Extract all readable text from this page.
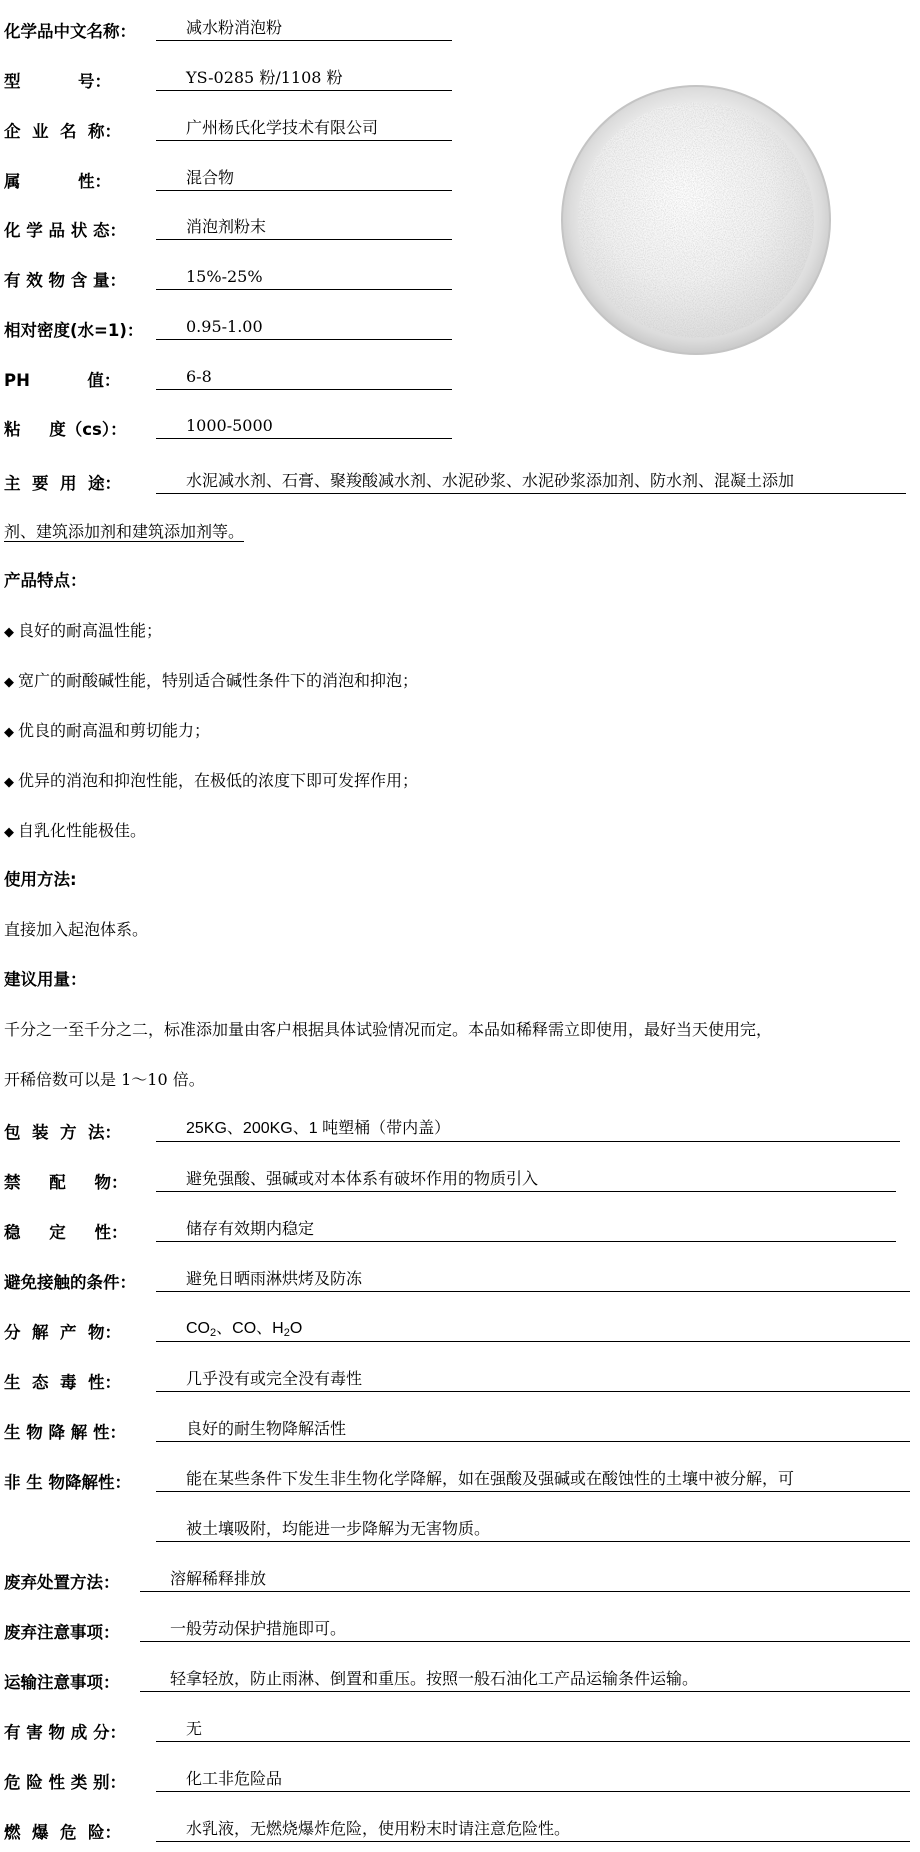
化学品中文名称：	减水粉消泡粉
型          号：	YS-0285 粉/1108 粉
企  业  名  称：	广州杨氏化学技术有限公司
属          性：	混合物
化 学 品 状 态：	消泡剂粉末
有 效 物 含 量：	15%-25%
相对密度(水=1)：	0.95-1.00
PH          值：	6-8
粘     度（cs）：	1000-5000
主  要  用  途：	水泥减水剂、石膏、聚羧酸减水剂、水泥砂浆、水泥砂浆添加剂、防水剂、混凝土添加
剂、建筑添加剂和建筑添加剂等。
产品特点：
◆ 良好的耐高温性能；
◆ 宽广的耐酸碱性能，特别适合碱性条件下的消泡和抑泡；
◆ 优良的耐高温和剪切能力；
◆ 优异的消泡和抑泡性能，在极低的浓度下即可发挥作用；
◆ 自乳化性能极佳。
使用方法:
直接加入起泡体系。
建议用量：
千分之一至千分之二，标准添加量由客户根据具体试验情况而定。本品如稀释需立即使用，最好当天使用完，
开稀倍数可以是 1～10 倍。
包  装  方  法：	25KG、200KG、1 吨塑桶（带内盖）
禁     配     物：	避免强酸、强碱或对本体系有破坏作用的物质引入
稳     定     性：	储存有效期内稳定
避免接触的条件：	避免日晒雨淋烘烤及防冻
分  解  产  物：	$CO_2$、CO、$H_2O$
生  态  毒  性：	几乎没有或完全没有毒性
生 物 降 解 性：	良好的耐生物降解活性
非 生 物降解性：	能在某些条件下发生非生物化学降解，如在强酸及强碱或在酸蚀性的土壤中被分解，可
被土壤吸附，均能进一步降解为无害物质。
废弃处置方法：	溶解稀释排放
废弃注意事项：	一般劳动保护措施即可。
运输注意事项：	轻拿轻放，防止雨淋、倒置和重压。按照一般石油化工产品运输条件运输。
有 害 物 成 分：	无
危 险 性 类 别：	化工非危险品
燃  爆  危  险：	水乳液，无燃烧爆炸危险，使用粉末时请注意危险性。
